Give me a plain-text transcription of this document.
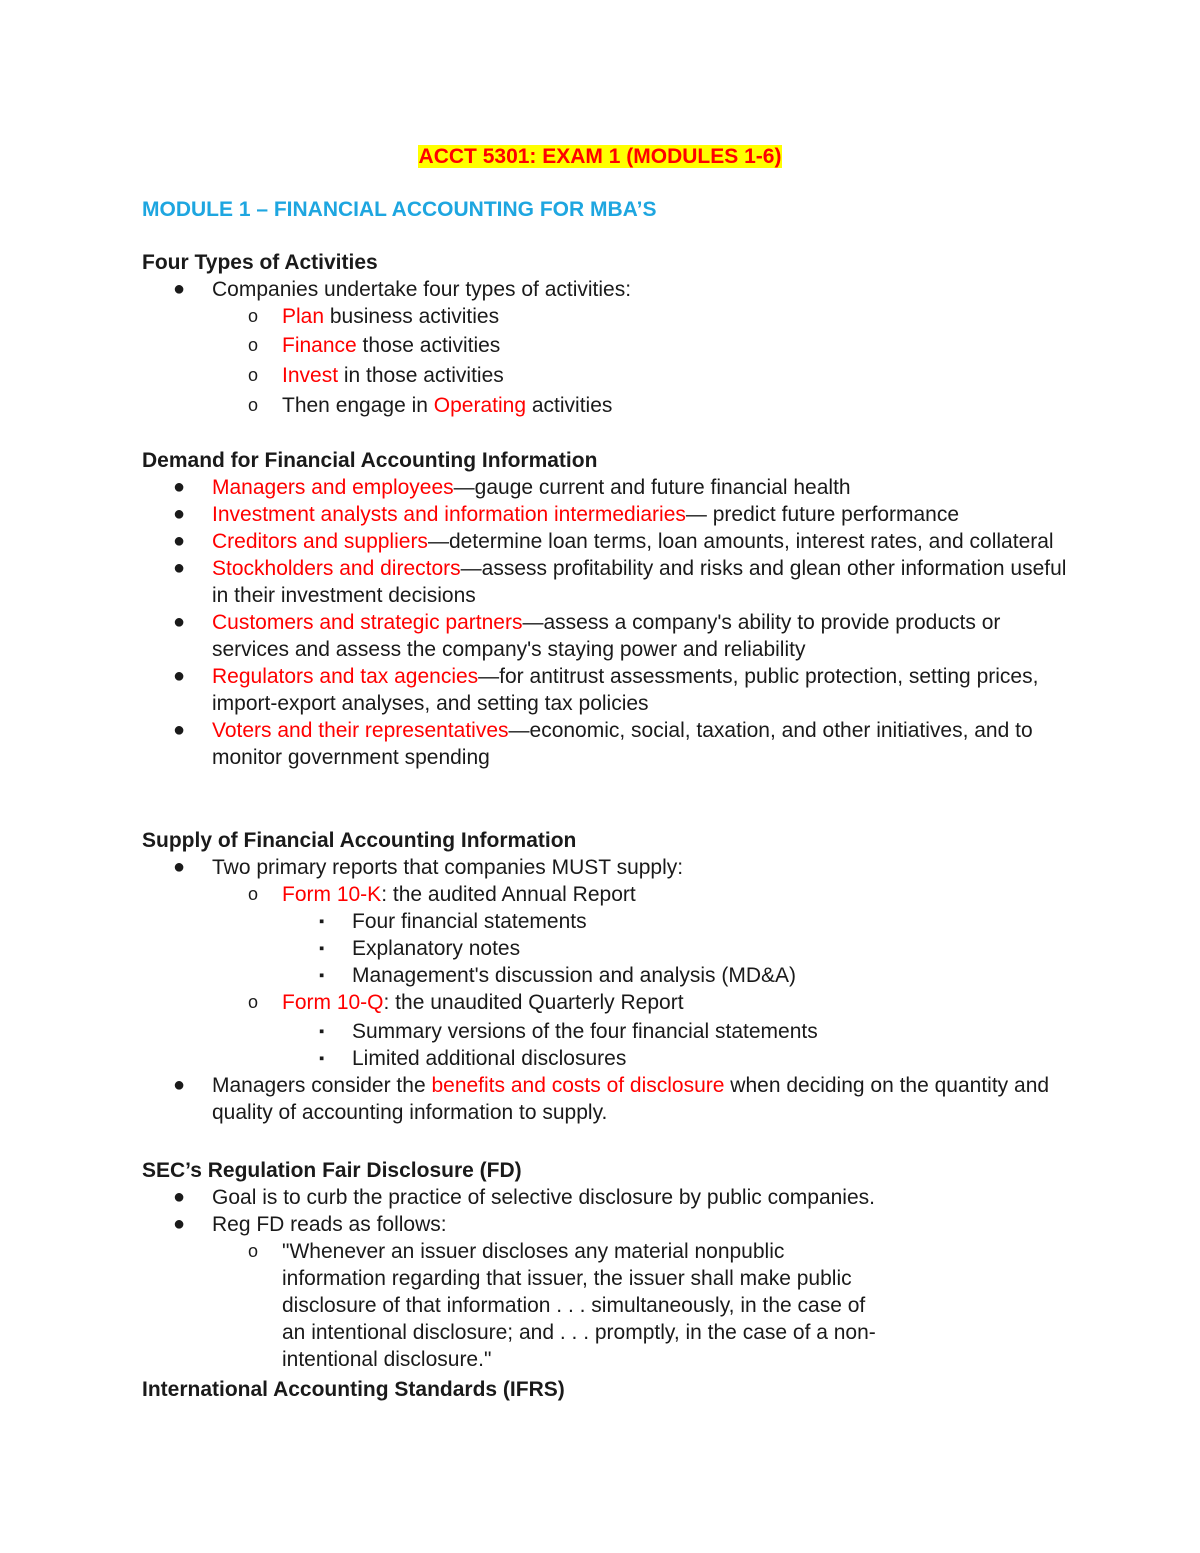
ACCT 5301: EXAM 1 (MODULES 1-6)
MODULE 1 – FINANCIAL ACCOUNTING FOR MBA’S
Four Types of Activities
● Companies undertake four types of activities:
o Plan business activities
o Finance those activities
o Invest in those activities
o Then engage in Operating activities
Demand for Financial Accounting Information
● Managers and employees—gauge current and future financial health
● Investment analysts and information intermediaries— predict future performance
● Creditors and suppliers—determine loan terms, loan amounts, interest rates, and collateral
● Stockholders and directors—assess profitability and risks and glean other information useful in their investment decisions
● Customers and strategic partners—assess a company's ability to provide products or services and assess the company's staying power and reliability
● Regulators and tax agencies—for antitrust assessments, public protection, setting prices, import-export analyses, and setting tax policies
● Voters and their representatives—economic, social, taxation, and other initiatives, and to monitor government spending
Supply of Financial Accounting Information
● Two primary reports that companies MUST supply:
o Form 10-K: the audited Annual Report
▪ Four financial statements
▪ Explanatory notes
▪ Management's discussion and analysis (MD&A)
o Form 10-Q: the unaudited Quarterly Report
▪ Summary versions of the four financial statements
▪ Limited additional disclosures
● Managers consider the benefits and costs of disclosure when deciding on the quantity and quality of accounting information to supply.
SEC’s Regulation Fair Disclosure (FD)
● Goal is to curb the practice of selective disclosure by public companies.
● Reg FD reads as follows:
o "Whenever an issuer discloses any material nonpublic information regarding that issuer, the issuer shall make public disclosure of that information . . . simultaneously, in the case of an intentional disclosure; and . . . promptly, in the case of a non-intentional disclosure."
International Accounting Standards (IFRS)
